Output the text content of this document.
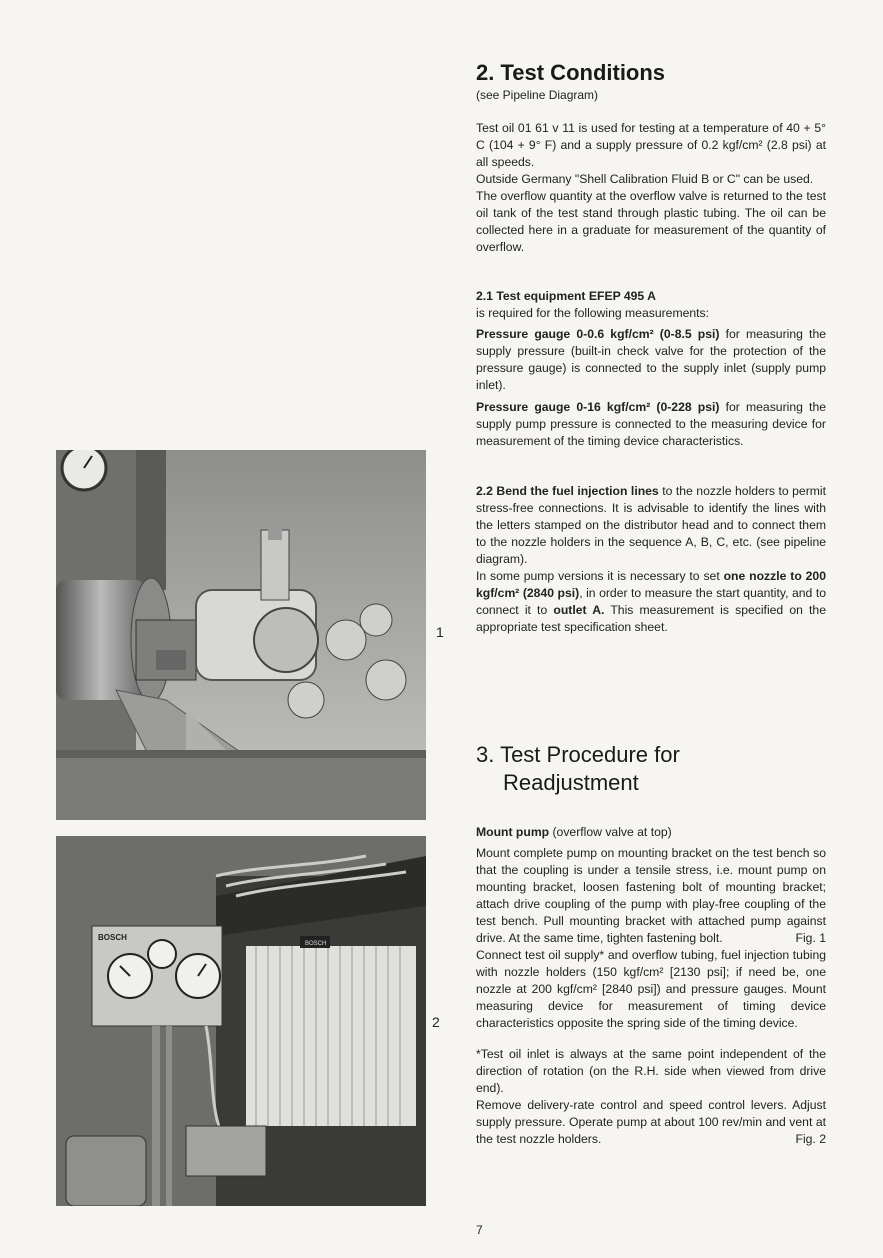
2. Test Conditions
(see Pipeline Diagram)

Test oil 01 61 v 11 is used for testing at a temperature of 40 + 5° C (104 + 9° F) and a supply pressure of 0.2 kgf/cm² (2.8 psi) at all speeds.

Outside Germany "Shell Calibration Fluid B or C" can be used.

The overflow quantity at the overflow valve is returned to the test oil tank of the test stand through plastic tubing. The oil can be collected here in a graduate for measurement of the quantity of overflow.

2.1 Test equipment EFEP 495 A

is required for the following measurements:

Pressure gauge 0-0.6 kgf/cm² (0-8.5 psi) for measuring the supply pressure (built-in check valve for the protection of the pressure gauge) is connected to the supply inlet (supply pump inlet).

Pressure gauge 0-16 kgf/cm² (0-228 psi) for measuring the supply pump pressure is connected to the measuring device for measurement of the timing device characteristics.

2.2 Bend the fuel injection lines to the nozzle holders to permit stress-free connections. It is advisable to identify the lines with the letters stamped on the distributor head and to connect them to the nozzle holders in the sequence A, B, C, etc. (see pipeline diagram).

In some pump versions it is necessary to set one nozzle to 200 kgf/cm² (2840 psi), in order to measure the start quantity, and to connect it to outlet A. This measurement is specified on the appropriate test specification sheet.

3. Test Procedure for
Readjustment

Mount pump (overflow valve at top)

Mount complete pump on mounting bracket on the test bench so that the coupling is under a tensile stress, i.e. mount pump on mounting bracket, loosen fastening bolt of mounting bracket; attach drive coupling of the pump with play-free coupling of the test bench. Pull mounting bracket with attached pump against drive. At the same time, tighten fastening bolt.	Fig. 1

Connect test oil supply* and overflow tubing, fuel injection tubing with nozzle holders (150 kgf/cm² [2130 psi]; if need be, one nozzle at 200 kgf/cm² [2840 psi]) and pressure gauges. Mount measuring device for measurement of timing device characteristics opposite the spring side of the timing device.

*Test oil inlet is always at the same point independent of the direction of rotation (on the R.H. side when viewed from drive end).

Remove delivery-rate control and speed control levers. Adjust supply pressure. Operate pump at about 100 rev/min and vent at the test nozzle holders.	Fig. 2

1
BOSCH
BOSCH
2
7
